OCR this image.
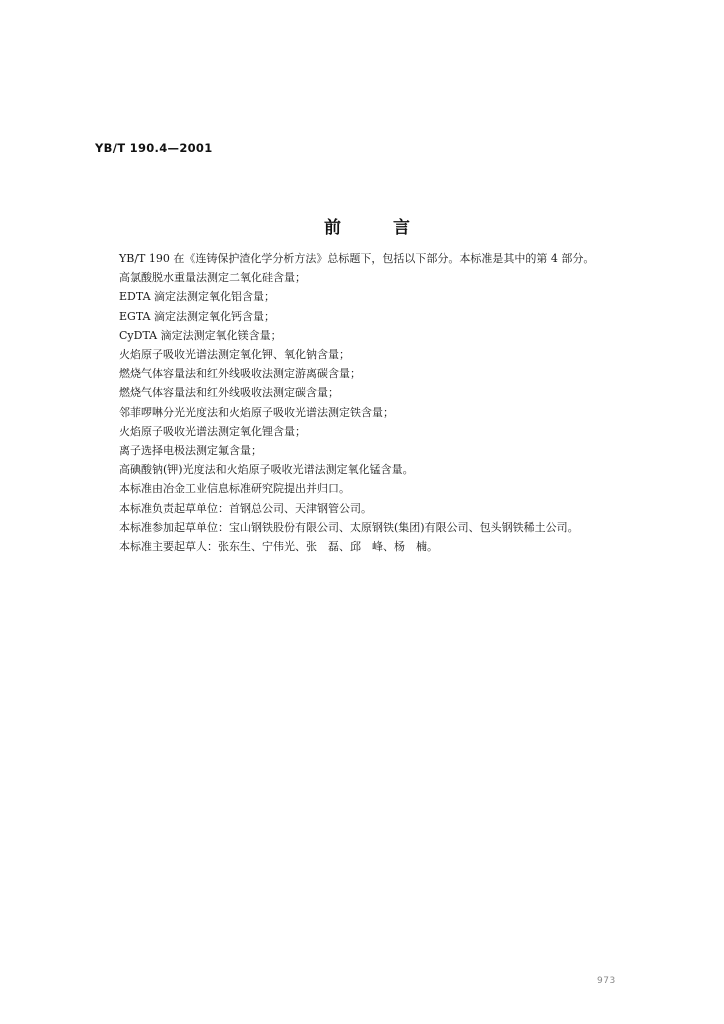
YB/T 190.4—2001
前	言
YB/T 190 在《连铸保护渣化学分析方法》总标题下，包括以下部分。本标准是其中的第 4 部分。
高氯酸脱水重量法测定二氧化硅含量；
EDTA 滴定法测定氧化铝含量；
EGTA 滴定法测定氧化钙含量；
CyDTA 滴定法测定氧化镁含量；
火焰原子吸收光谱法测定氧化钾、氧化钠含量；
燃烧气体容量法和红外线吸收法测定游离碳含量；
燃烧气体容量法和红外线吸收法测定碳含量；
邻菲啰啉分光光度法和火焰原子吸收光谱法测定铁含量；
火焰原子吸收光谱法测定氧化锂含量；
离子选择电极法测定氟含量；
高碘酸钠(钾)光度法和火焰原子吸收光谱法测定氧化锰含量。
本标准由冶金工业信息标准研究院提出并归口。
本标准负责起草单位：首钢总公司、天津钢管公司。
本标准参加起草单位：宝山钢铁股份有限公司、太原钢铁(集团)有限公司、包头钢铁稀土公司。
本标准主要起草人：张东生、宁伟光、张　磊、邱　峰、杨　楠。
973
